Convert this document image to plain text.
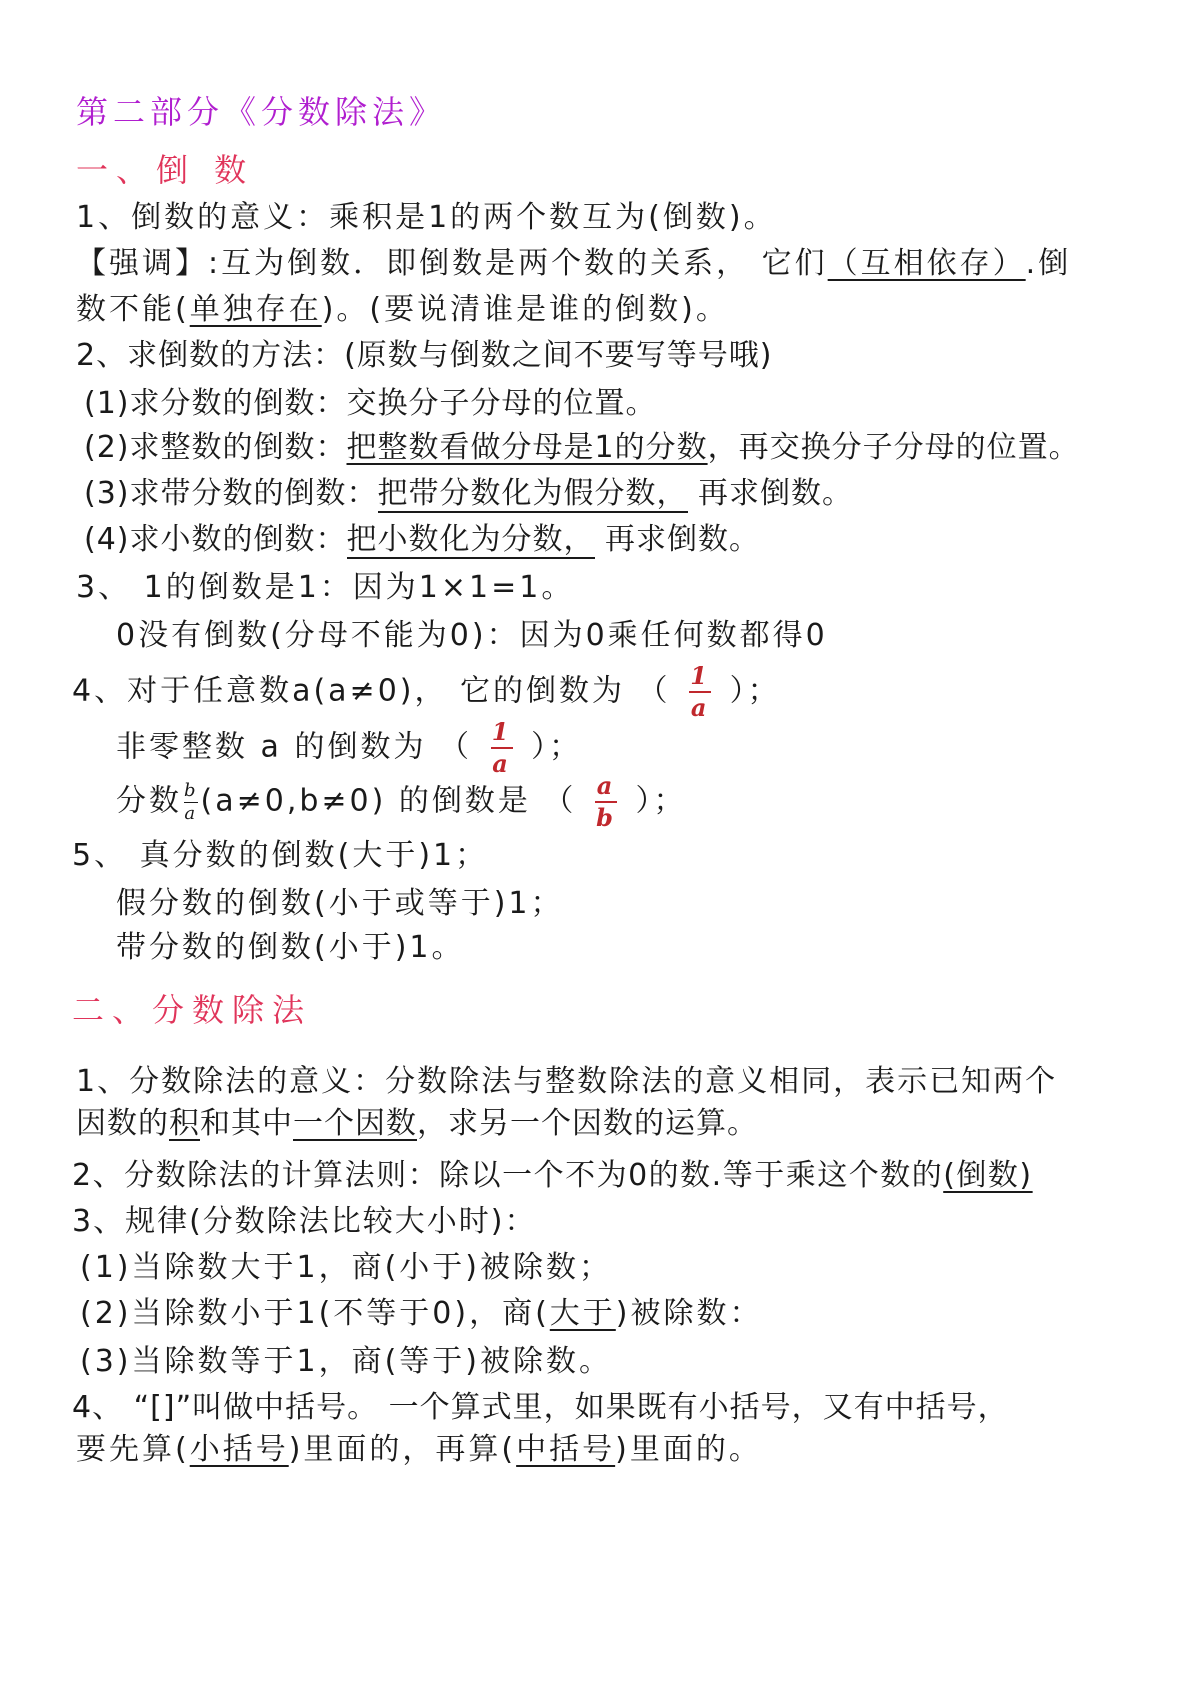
第二部分《分数除法》
一、倒 数
1、倒数的意义：乘积是1的两个数互为(倒数)。
【强调】:互为倒数．即倒数是两个数的关系， 它们（互相依存）.倒
数不能(单独存在)。(要说清谁是谁的倒数)。
2、求倒数的方法：(原数与倒数之间不要写等号哦)
(1)求分数的倒数：交换分子分母的位置。
(2)求整数的倒数：把整数看做分母是1的分数，再交换分子分母的位置。
(3)求带分数的倒数：把带分数化为假分数， 再求倒数。
(4)求小数的倒数：把小数化为分数， 再求倒数。
3、 1的倒数是1：因为1×1=1。
0没有倒数(分母不能为0)：因为0乘任何数都得0
4、对于任意数a(a≠0)， 它的倒数为 （ $\frac{1}{a}$ ）；
非零整数 a 的倒数为 （ $\frac{1}{a}$ ）；
分数 $\frac{b}{a} (a\ne 0,b\ne 0)$ 的倒数是 （ $\frac{a}{b}$ ）；
5、 真分数的倒数(大于)1；
假分数的倒数(小于或等于)1；
带分数的倒数(小于)1。
二、分数除法
1、分数除法的意义：分数除法与整数除法的意义相同，表示已知两个
因数的积和其中一个因数，求另一个因数的运算。
2、分数除法的计算法则：除以一个不为0的数.等于乘这个数的(倒数)
3、规律(分数除法比较大小时)：
(1)当除数大于1，商(小于)被除数；
(2)当除数小于1(不等于0)，商(大于)被除数：
(3)当除数等于1，商(等于)被除数。
4、 “[]”叫做中括号。 一个算式里，如果既有小括号，又有中括号，
要先算(小括号)里面的，再算(中括号)里面的。
